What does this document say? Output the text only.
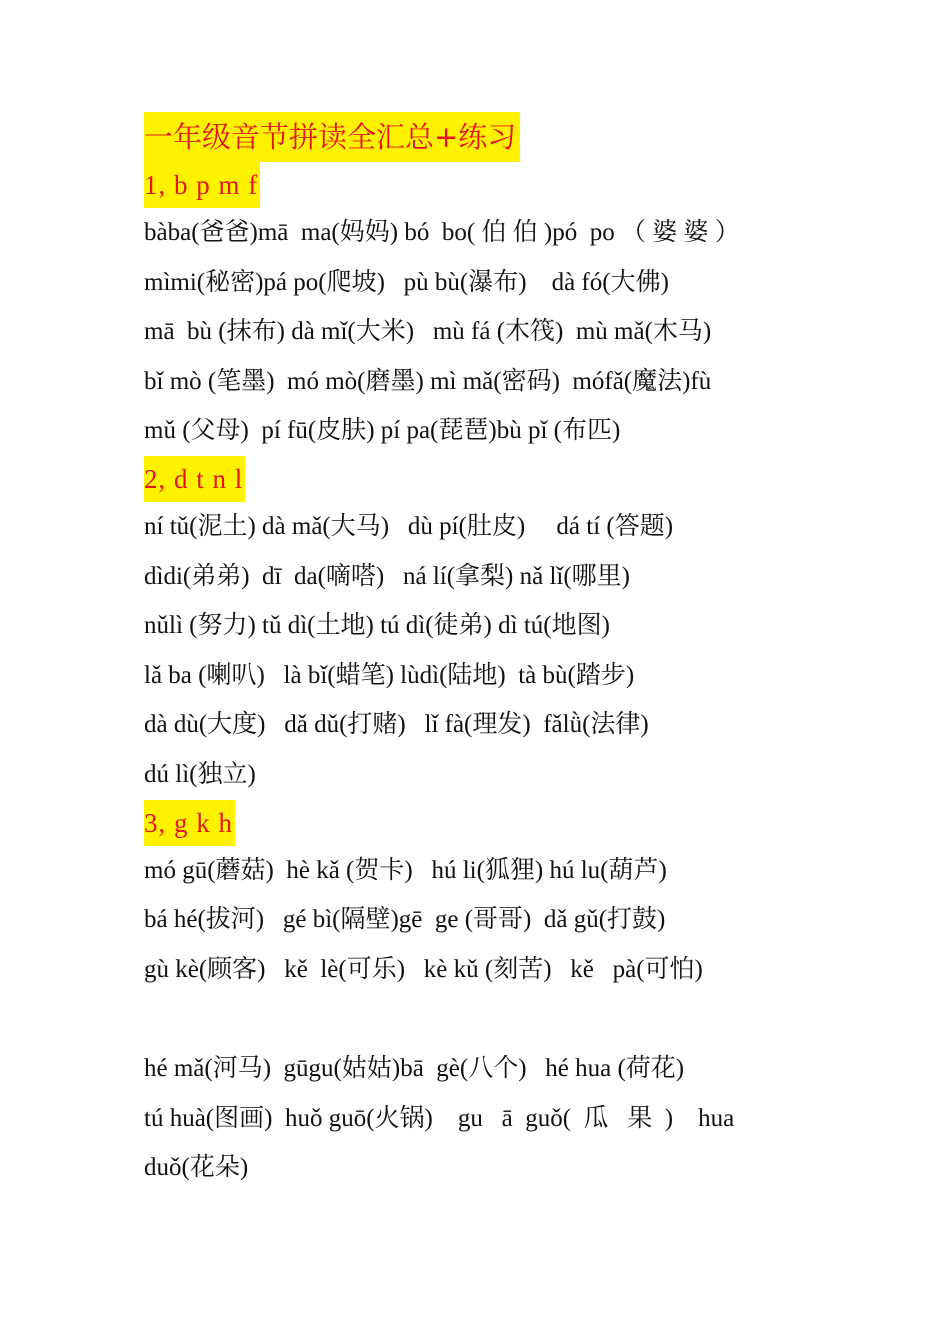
一年级音节拼读全汇总+练习
1, b p m f
bàba(爸爸)mā  ma(妈妈) bó  bo( 伯 伯 )pó  po （ 婆 婆 ）
mìmi(秘密)pá po(爬坡)   pù bù(瀑布)    dà fó(大佛)
mā  bù (抹布) dà mǐ(大米)   mù fá (木筏)  mù mǎ(木马)
bǐ mò (笔墨)  mó mò(磨墨) mì mǎ(密码)  mófǎ(魔法)fù
mǔ (父母)  pí fū(皮肤) pí pa(琵琶)bù pǐ (布匹)
2, d t n l
ní tǔ(泥土) dà mǎ(大马)   dù pí(肚皮)     dá tí (答题)
dìdi(弟弟)  dī  da(嘀嗒)   ná lí(拿梨) nǎ lǐ(哪里)
nǔlì (努力) tǔ dì(土地) tú dì(徒弟) dì tú(地图)
lǎ ba (喇叭)   là bǐ(蜡笔) lùdì(陆地)  tà bù(踏步)
dà dù(大度)   dǎ dǔ(打赌)   lǐ fà(理发)  fǎlǜ(法律)
dú lì(独立)
3, g k h
mó gū(蘑菇)  hè kǎ (贺卡)   hú li(狐狸) hú lu(葫芦)
bá hé(拔河)   gé bì(隔壁)gē  ge (哥哥)  dǎ gǔ(打鼓)
gù kè(顾客)   kě  lè(可乐)   kè kǔ (刻苦)   kě   pà(可怕)
hé mǎ(河马)  gūgu(姑姑)bā  gè(八个)   hé hua (荷花)
tú huà(图画)  huǒ guō(火锅)    gu   ā  guǒ(  瓜   果  )    hua
duǒ(花朵)
